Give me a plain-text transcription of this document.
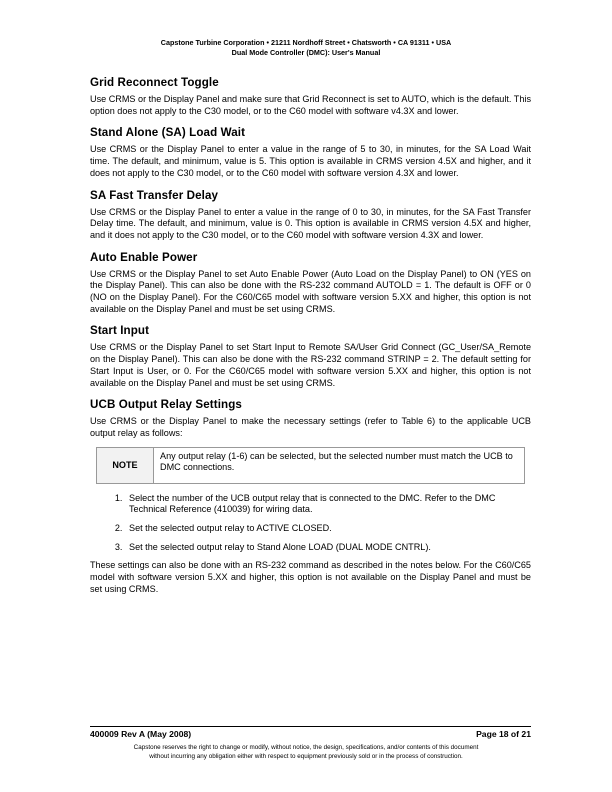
Capstone Turbine Corporation • 21211 Nordhoff Street • Chatsworth • CA 91311 • USA
Dual Mode Controller (DMC): User's Manual
Grid Reconnect Toggle

Use CRMS or the Display Panel and make sure that Grid Reconnect is set to AUTO, which is the default. This option does not apply to the C30 model, or to the C60 model with software v4.3X and lower.

Stand Alone (SA) Load Wait

Use CRMS or the Display Panel to enter a value in the range of 5 to 30, in minutes, for the SA Load Wait time. The default, and minimum, value is 5. This option is available in CRMS version 4.5X and higher, and it does not apply to the C30 model, or to the C60 model with software version 4.3X and lower.

SA Fast Transfer Delay

Use CRMS or the Display Panel to enter a value in the range of 0 to 30, in minutes, for the SA Fast Transfer Delay time. The default, and minimum, value is 0. This option is available in CRMS version 4.5X and higher, and it does not apply to the C30 model, or to the C60 model with software version 4.3X and lower.

Auto Enable Power

Use CRMS or the Display Panel to set Auto Enable Power (Auto Load on the Display Panel) to ON (YES on the Display Panel). This can also be done with the RS-232 command AUTOLD = 1. The default is OFF or 0 (NO on the Display Panel). For the C60/C65 model with software version 5.XX and higher, this option is not available on the Display Panel and must be set using CRMS.

Start Input

Use CRMS or the Display Panel to set Start Input to Remote SA/User Grid Connect (GC_User/SA_Remote on the Display Panel). This can also be done with the RS-232 command STRINP = 2. The default setting for Start Input is User, or 0. For the C60/C65 model with software version 5.XX and higher, this option is not available on the Display Panel and must be set using CRMS.

UCB Output Relay Settings

Use CRMS or the Display Panel to make the necessary settings (refer to Table 6) to the applicable UCB output relay as follows:

NOTE
Any output relay (1-6) can be selected, but the selected number must match the UCB to DMC connections.
1. Select the number of the UCB output relay that is connected to the DMC. Refer to the DMC Technical Reference (410039) for wiring data.
2. Set the selected output relay to ACTIVE CLOSED.
3. Set the selected output relay to Stand Alone LOAD (DUAL MODE CNTRL).

These settings can also be done with an RS-232 command as described in the notes below. For the C60/C65 model with software version 5.XX and higher, this option is not available on the Display Panel and must be set using CRMS.

400009 Rev A (May 2008)	Page 18 of 21
Capstone reserves the right to change or modify, without notice, the design, specifications, and/or contents of this document
without incurring any obligation either with respect to equipment previously sold or in the process of construction.
